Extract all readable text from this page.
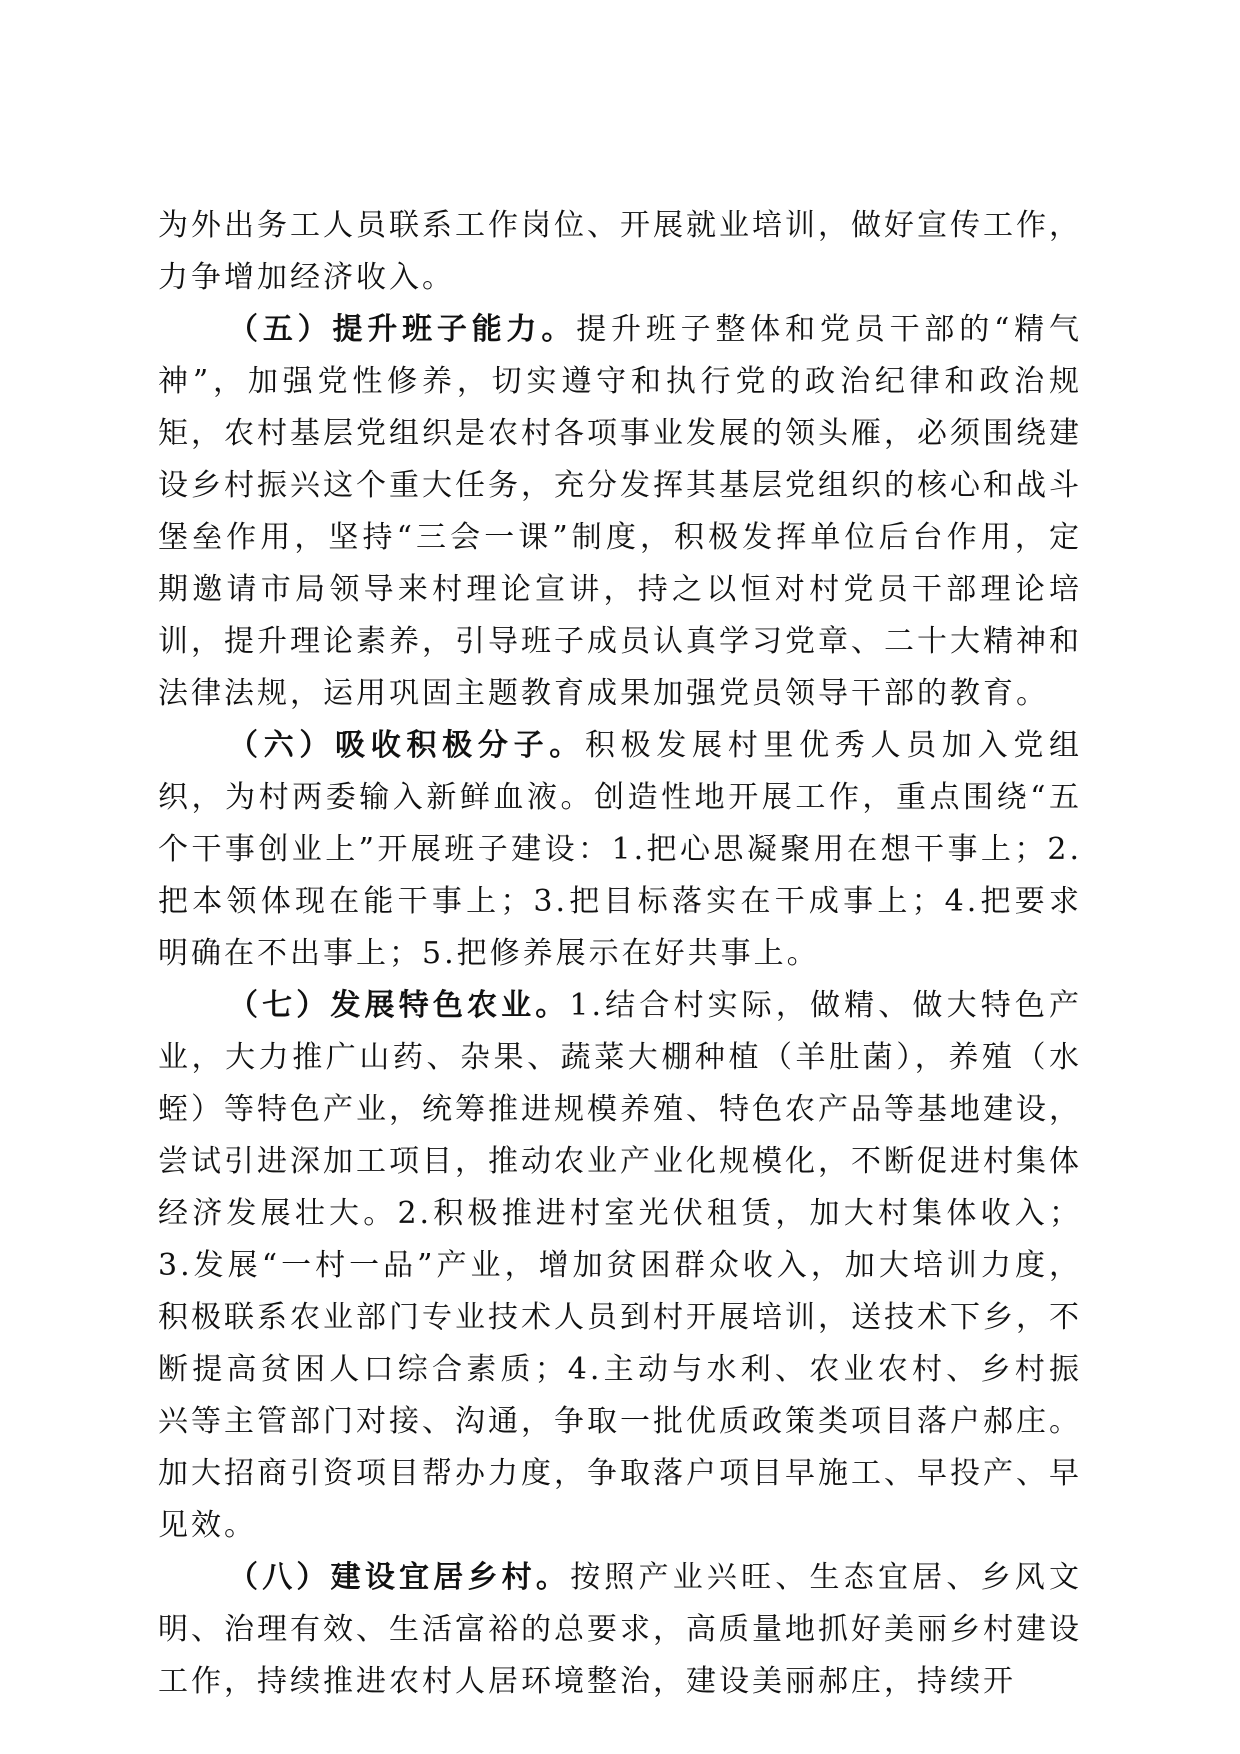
为外出务工人员联系工作岗位、开展就业培训，做好宣传工作，力争增加经济收入。

（五）提升班子能力。提升班子整体和党员干部的“精气神”，加强党性修养，切实遵守和执行党的政治纪律和政治规矩，农村基层党组织是农村各项事业发展的领头雁，必须围绕建设乡村振兴这个重大任务，充分发挥其基层党组织的核心和战斗堡垒作用，坚持“三会一课”制度，积极发挥单位后台作用，定期邀请市局领导来村理论宣讲，持之以恒对村党员干部理论培训，提升理论素养，引导班子成员认真学习党章、二十大精神和法律法规，运用巩固主题教育成果加强党员领导干部的教育。

（六）吸收积极分子。积极发展村里优秀人员加入党组织，为村两委输入新鲜血液。创造性地开展工作，重点围绕“五个干事创业上”开展班子建设：1.把心思凝聚用在想干事上；2.把本领体现在能干事上；3.把目标落实在干成事上；4.把要求明确在不出事上；5.把修养展示在好共事上。

（七）发展特色农业。1.结合村实际，做精、做大特色产业，大力推广山药、杂果、蔬菜大棚种植（羊肚菌），养殖（水蛭）等特色产业，统筹推进规模养殖、特色农产品等基地建设，尝试引进深加工项目，推动农业产业化规模化，不断促进村集体经济发展壮大。2.积极推进村室光伏租赁，加大村集体收入；3.发展“一村一品”产业，增加贫困群众收入，加大培训力度，积极联系农业部门专业技术人员到村开展培训，送技术下乡，不断提高贫困人口综合素质；4.主动与水利、农业农村、乡村振兴等主管部门对接、沟通，争取一批优质政策类项目落户郝庄。加大招商引资项目帮办力度，争取落户项目早施工、早投产、早见效。

（八）建设宜居乡村。按照产业兴旺、生态宜居、乡风文明、治理有效、生活富裕的总要求，高质量地抓好美丽乡村建设工作，持续推进农村人居环境整治，建设美丽郝庄，持续开
